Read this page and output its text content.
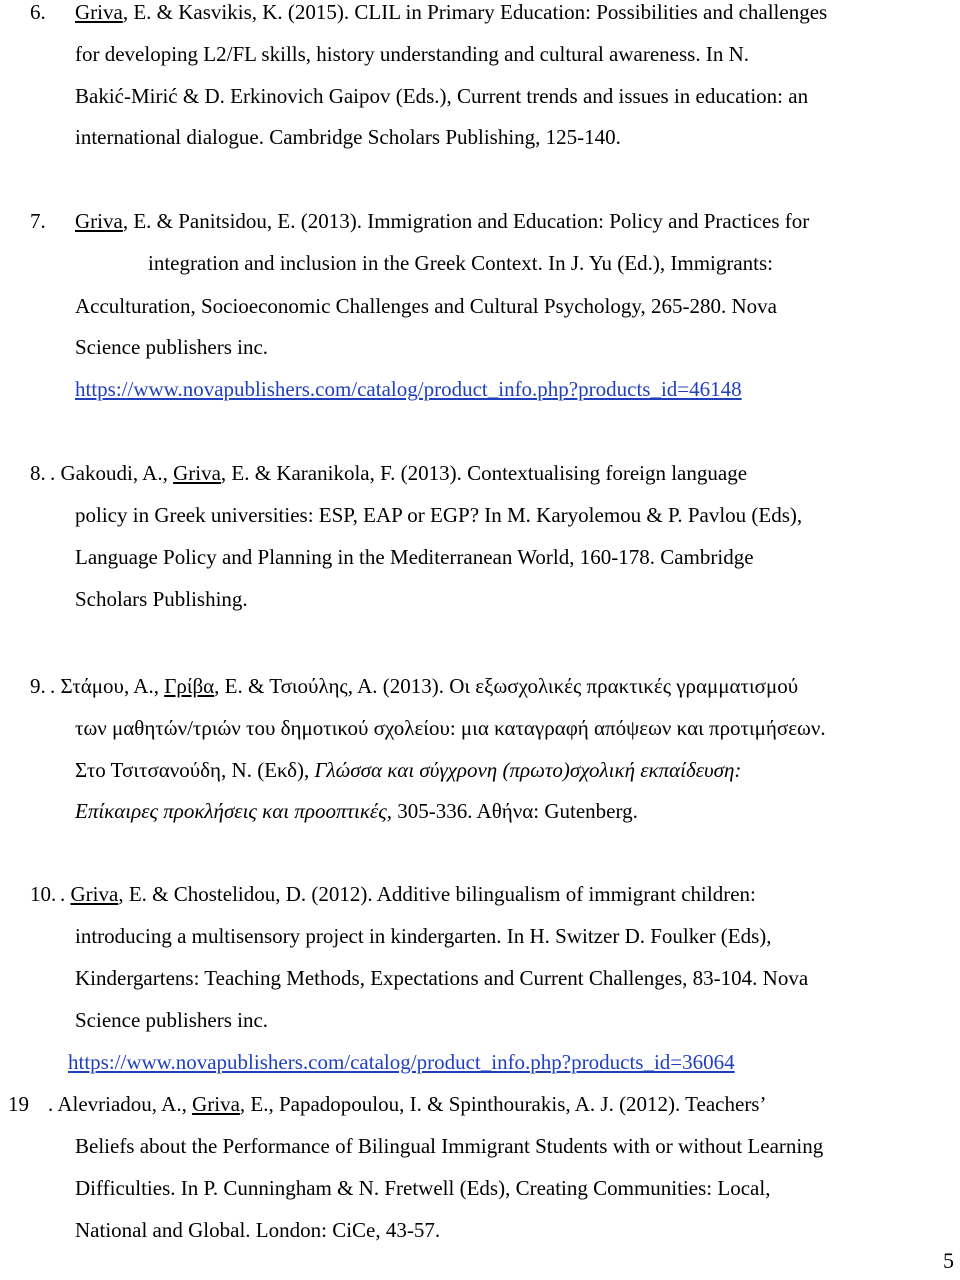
6. Griva, E. & Kasvikis, K. (2015). CLIL in Primary Education: Possibilities and challenges
for developing L2/FL skills, history understanding and cultural awareness. In N.
Bakić-Mirić & D. Erkinovich Gaipov (Eds.), Current trends and issues in education: an
international dialogue. Cambridge Scholars Publishing, 125-140.
7. Griva, E. & Panitsidou, E. (2013). Immigration and Education: Policy and Practices for
integration and inclusion in the Greek Context. In J. Yu (Ed.), Immigrants:
Acculturation, Socioeconomic Challenges and Cultural Psychology, 265-280. Nova
Science publishers inc.
https://www.novapublishers.com/catalog/product_info.php?products_id=46148
8. . Gakoudi, A., Griva, E. & Karanikola, F. (2013). Contextualising foreign language
policy in Greek universities: ESP, EAP or EGP? In M. Karyolemou & P. Pavlou (Eds),
Language Policy and Planning in the Mediterranean World, 160-178. Cambridge
Scholars Publishing.
9. . Στάμου, Α., Γρίβα, Ε. & Τσιούλης, Α. (2013). Οι εξωσχολικές πρακτικές γραμματισμού
των μαθητών/τριών του δημοτικού σχολείου: μια καταγραφή απόψεων και προτιμήσεων.
Στο Τσιτσανούδη, Ν. (Εκδ), Γλώσσα και σύγχρονη (πρωτο)σχολική εκπαίδευση:
Επίκαιρες προκλήσεις και προοπτικές, 305-336. Αθήνα: Gutenberg.
10. . Griva, E. & Chostelidou, D. (2012). Additive bilingualism of immigrant children:
introducing a multisensory project in kindergarten. In H. Switzer D. Foulker (Eds),
Kindergartens: Teaching Methods, Expectations and Current Challenges, 83-104. Nova
Science publishers inc.
https://www.novapublishers.com/catalog/product_info.php?products_id=36064
19 . Alevriadou, A., Griva, E., Papadopoulou, I. & Spinthourakis, A. J. (2012). Teachers’
Beliefs about the Performance of Bilingual Immigrant Students with or without Learning
Difficulties. In P. Cunningham & N. Fretwell (Eds), Creating Communities: Local,
National and Global. London: CiCe, 43-57.
5
